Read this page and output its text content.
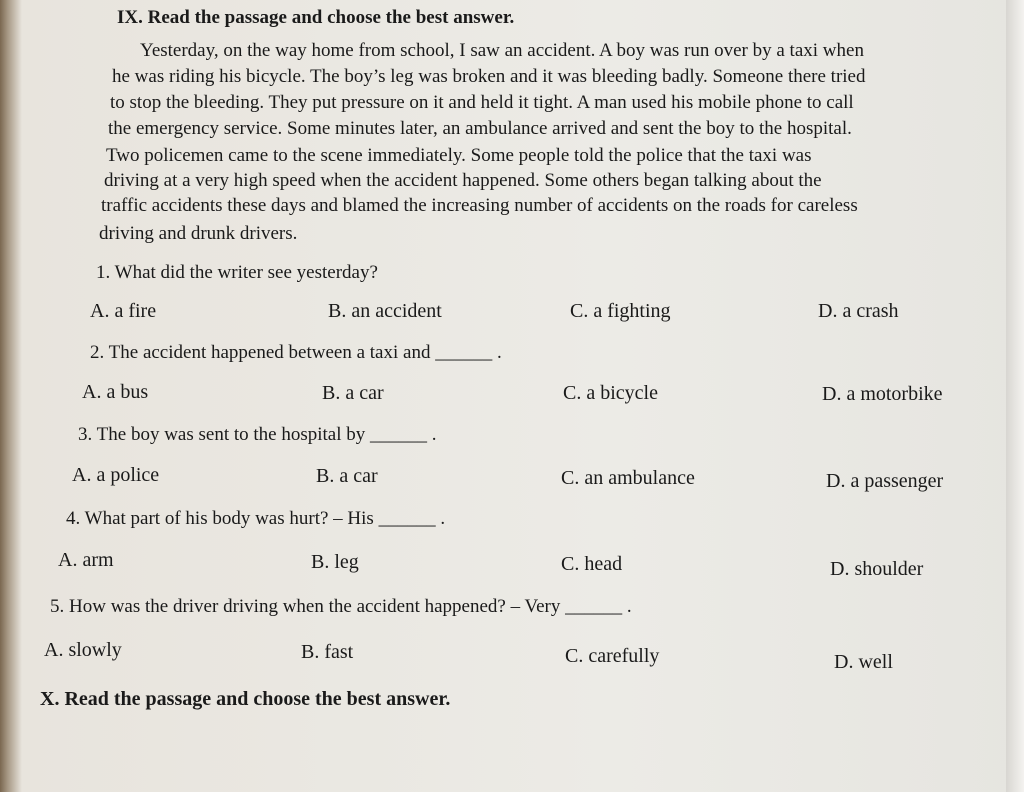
IX. Read the passage and choose the best answer.
Yesterday, on the way home from school, I saw an accident. A boy was run over by a taxi when
he was riding his bicycle. The boy’s leg was broken and it was bleeding badly. Someone there tried
to stop the bleeding. They put pressure on it and held it tight. A man used his mobile phone to call
the emergency service. Some minutes later, an ambulance arrived and sent the boy to the hospital.
Two policemen came to the scene immediately. Some people told the police that the taxi was
driving at a very high speed when the accident happened. Some others began talking about the
traffic accidents these days and blamed the increasing number of accidents on the roads for careless
driving and drunk drivers.
1. What did the writer see yesterday?
A. a fire	B. an accident	C. a fighting	D. a crash
2. The accident happened between a taxi and ______ .
A. a bus	B. a car	C. a bicycle	D. a motorbike
3. The boy was sent to the hospital by ______ .
A. a police	B. a car	C. an ambulance	D. a passenger
4. What part of his body was hurt? – His ______ .
A. arm	B. leg	C. head	D. shoulder
5. How was the driver driving when the accident happened? – Very ______ .
A. slowly	B. fast	C. carefully	D. well
X. Read the passage and choose the best answer.
